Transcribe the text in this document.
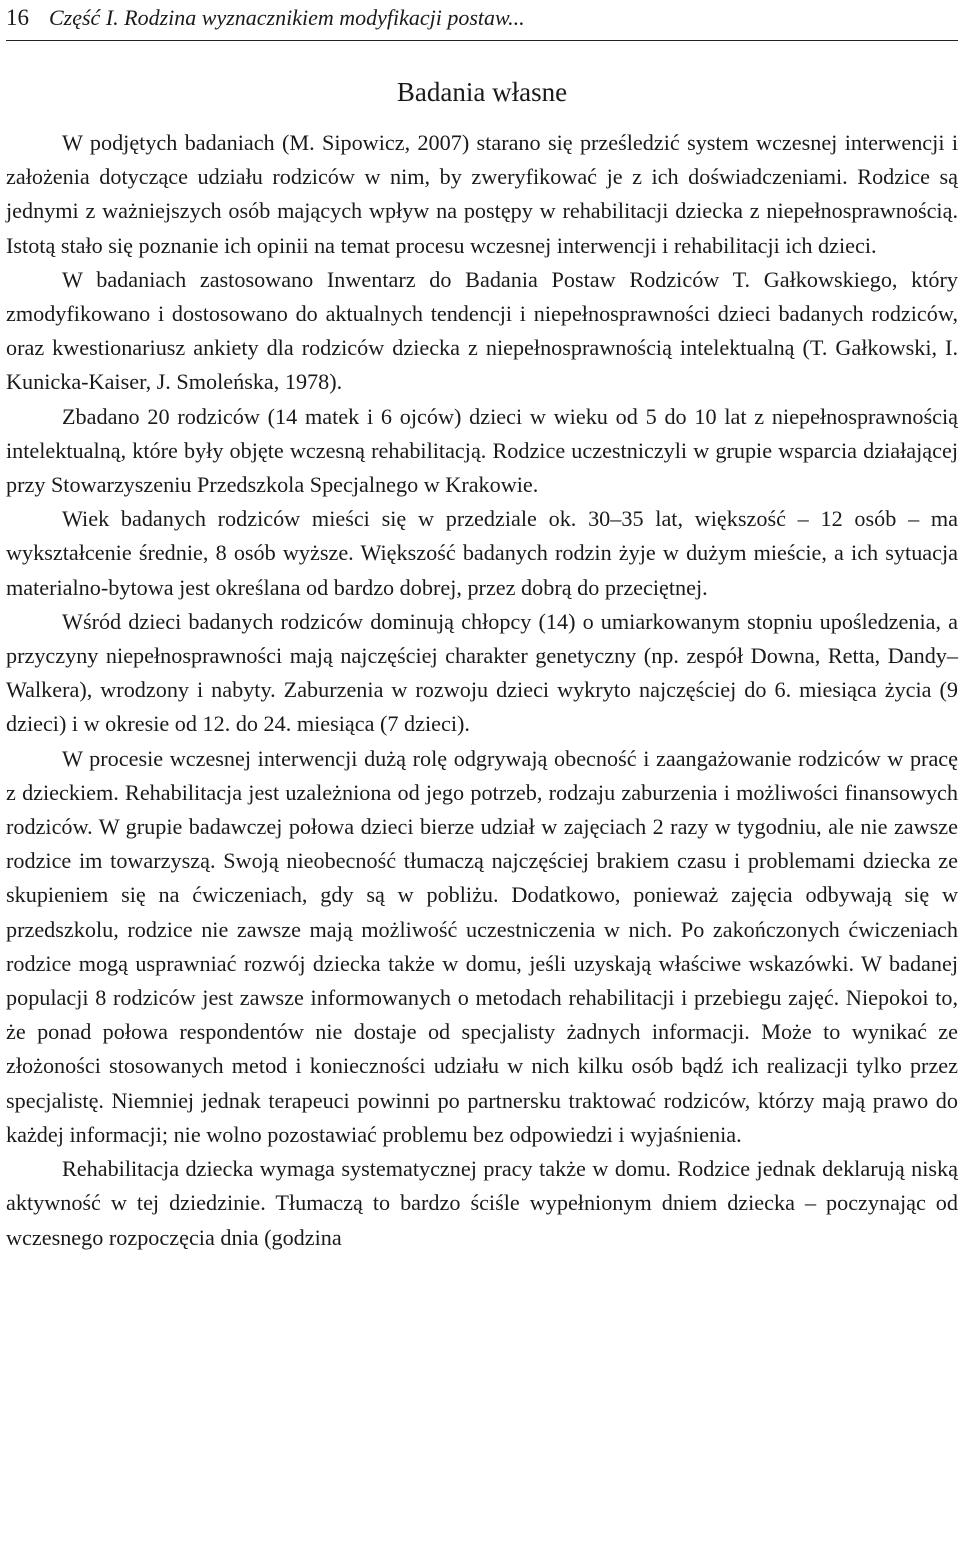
16 Część I. Rodzina wyznacznikiem modyfikacji postaw...
Badania własne

W podjętych badaniach (M. Sipowicz, 2007) starano się prześledzić system wczesnej interwencji i założenia dotyczące udziału rodziców w nim, by zweryfikować je z ich doświadczeniami. Rodzice są jednymi z ważniejszych osób mających wpływ na postępy w rehabilitacji dziecka z niepełnosprawnością. Istotą stało się poznanie ich opinii na temat procesu wczesnej interwencji i rehabilitacji ich dzieci.

W badaniach zastosowano Inwentarz do Badania Postaw Rodziców T. Gałkowskiego, który zmodyfikowano i dostosowano do aktualnych tendencji i niepełnosprawności dzieci badanych rodziców, oraz kwestionariusz ankiety dla rodziców dziecka z niepełnosprawnością intelektualną (T. Gałkowski, I. Kunicka-Kaiser, J. Smoleńska, 1978).

Zbadano 20 rodziców (14 matek i 6 ojców) dzieci w wieku od 5 do 10 lat z niepełnosprawnością intelektualną, które były objęte wczesną rehabilitacją. Rodzice uczestniczyli w grupie wsparcia działającej przy Stowarzyszeniu Przedszkola Specjalnego w Krakowie.

Wiek badanych rodziców mieści się w przedziale ok. 30–35 lat, większość – 12 osób – ma wykształcenie średnie, 8 osób wyższe. Większość badanych rodzin żyje w dużym mieście, a ich sytuacja materialno-bytowa jest określana od bardzo dobrej, przez dobrą do przeciętnej.

Wśród dzieci badanych rodziców dominują chłopcy (14) o umiarkowanym stopniu upośledzenia, a przyczyny niepełnosprawności mają najczęściej charakter genetyczny (np. zespół Downa, Retta, Dandy–Walkera), wrodzony i nabyty. Zaburzenia w rozwoju dzieci wykryto najczęściej do 6. miesiąca życia (9 dzieci) i w okresie od 12. do 24. miesiąca (7 dzieci).

W procesie wczesnej interwencji dużą rolę odgrywają obecność i zaangażowanie rodziców w pracę z dzieckiem. Rehabilitacja jest uzależniona od jego potrzeb, rodzaju zaburzenia i możliwości finansowych rodziców. W grupie badawczej połowa dzieci bierze udział w zajęciach 2 razy w tygodniu, ale nie zawsze rodzice im towarzyszą. Swoją nieobecność tłumaczą najczęściej brakiem czasu i problemami dziecka ze skupieniem się na ćwiczeniach, gdy są w pobliżu. Dodatkowo, ponieważ zajęcia odbywają się w przedszkolu, rodzice nie zawsze mają możliwość uczestniczenia w nich. Po zakończonych ćwiczeniach rodzice mogą usprawniać rozwój dziecka także w domu, jeśli uzyskają właściwe wskazówki. W badanej populacji 8 rodziców jest zawsze informowanych o metodach rehabilitacji i przebiegu zajęć. Niepokoi to, że ponad połowa respondentów nie dostaje od specjalisty żadnych informacji. Może to wynikać ze złożoności stosowanych metod i konieczności udziału w nich kilku osób bądź ich realizacji tylko przez specjalistę. Niemniej jednak terapeuci powinni po partnersku traktować rodziców, którzy mają prawo do każdej informacji; nie wolno pozostawiać problemu bez odpowiedzi i wyjaśnienia.

Rehabilitacja dziecka wymaga systematycznej pracy także w domu. Rodzice jednak deklarują niską aktywność w tej dziedzinie. Tłumaczą to bardzo ściśle wypełnionym dniem dziecka – poczynając od wczesnego rozpoczęcia dnia (godzina
